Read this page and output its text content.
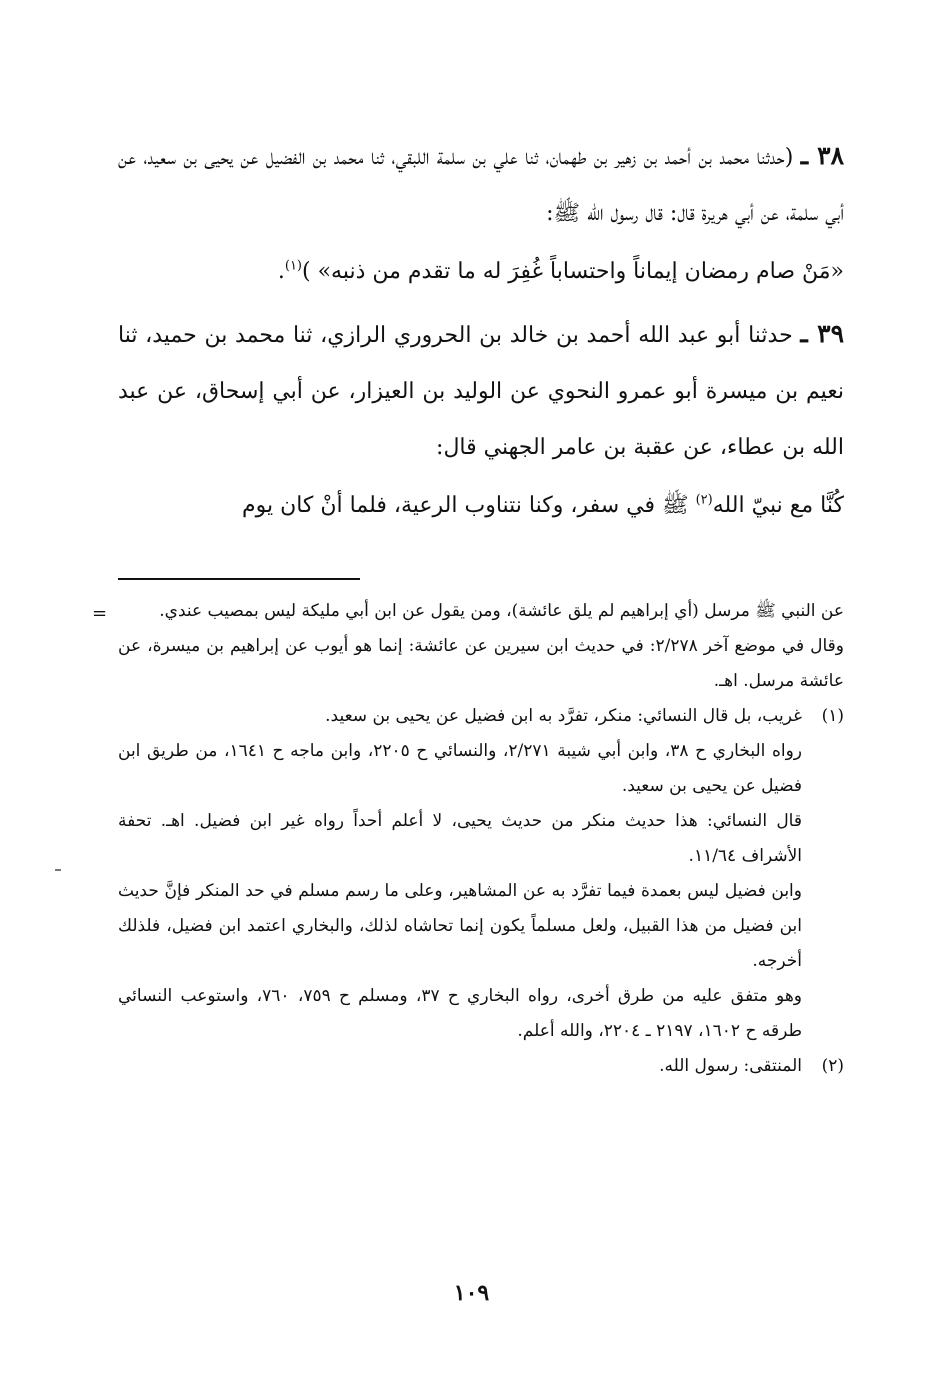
٣٨ ـ (حدثنا محمد بن أحمد بن زهير بن طهمان، ثنا علي بن سلمة اللبقي، ثنا محمد بن الفضيل عن يحيى بن سعيد، عن أبي سلمة، عن أبي هريرة قال: قال رسول الله ﷺ:

«مَنْ صام رمضان إيماناً واحتساباً غُفِرَ له ما تقدم من ذنبه» )$^{(١)}$.

٣٩ ـ حدثنا أبو عبد الله أحمد بن خالد بن الحروري الرازي، ثنا محمد بن حميد، ثنا نعيم بن ميسرة أبو عمرو النحوي عن الوليد بن العيزار، عن أبي إسحاق، عن عبد الله بن عطاء، عن عقبة بن عامر الجهني قال:

كُنَّا مع نبيّ الله$^{(٢)}$ ﷺ في سفر، وكنا نتناوب الرعية، فلما أنْ كان يوم

=	عن النبي ﷺ مرسل (أي إبراهيم لم يلق عائشة)، ومن يقول عن ابن أبي مليكة ليس بمصيب عندي.

وقال في موضع آخر ٢/٢٧٨: في حديث ابن سيرين عن عائشة: إنما هو أيوب عن إبراهيم بن ميسرة، عن عائشة مرسل. اهـ.

(١)
غريب، بل قال النسائي: منكر، تفرَّد به ابن فضيل عن يحيى بن سعيد.
رواه البخاري ح ٣٨، وابن أبي شيبة ٢/٢٧١، والنسائي ح ٢٢٠٥، وابن ماجه ح ١٦٤١، من طريق ابن فضيل عن يحيى بن سعيد.
قال النسائي: هذا حديث منكر من حديث يحيى، لا أعلم أحداً رواه غير ابن فضيل. اهـ. تحفة الأشراف ١١/٦٤.
وابن فضيل ليس بعمدة فيما تفرَّد به عن المشاهير، وعلى ما رسم مسلم في حد المنكر فإنَّ حديث ابن فضيل من هذا القبيل، ولعل مسلماً يكون إنما تحاشاه لذلك، والبخاري اعتمد ابن فضيل، فلذلك أخرجه.
وهو متفق عليه من طرق أخرى، رواه البخاري ح ٣٧، ومسلم ح ٧٥٩، ٧٦٠، واستوعب النسائي طرقه ح ١٦٠٢، ٢١٩٧ ـ ٢٢٠٤، والله أعلم.
(٢)
المنتقى: رسول الله.
١٠٩
